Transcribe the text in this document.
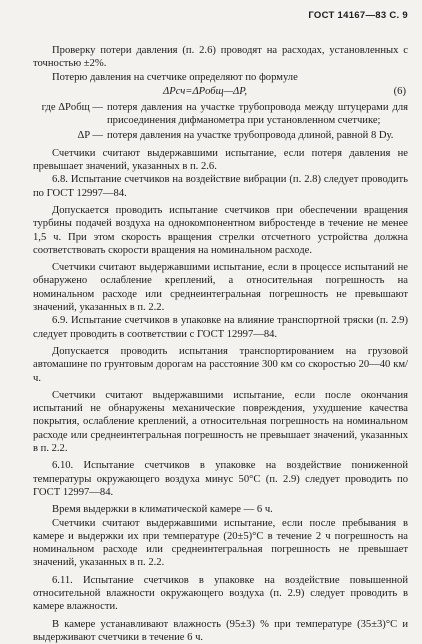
ГОСТ 14167—83 С. 9

Проверку потери давления (п. 2.6) проводят на расходах, установленных с точностью ±2%.

Потерю давления на счетчике определяют по формуле

ΔPсч=ΔPобщ—ΔP,	(6)
где ΔPобщ — потеря давления на участке трубопровода между штуцерами для присоединения дифманометра при установленном счетчике;
ΔP — потеря давления на участке трубопровода длиной, равной 8 Dу.

Счетчики считают выдержавшими испытание, если потеря давления не превышает значений, указанных в п. 2.6.

6.8. Испытание счетчиков на воздействие вибрации (п. 2.8) следует проводить по ГОСТ 12997—84.

Допускается проводить испытание счетчиков при обеспечении вращения турбины подачей воздуха на однокомпонентном вибростенде в течение не менее 1,5 ч. При этом скорость вращения стрелки отсчетного устройства должна соответствовать скорости вращения на номинальном расходе.

Счетчики считают выдержавшими испытание, если в процессе испытаний не обнаружено ослабление креплений, а относительная погрешность на номинальном расходе или среднеинтегральная погрешность не превышают значений, указанных в п. 2.2.

6.9. Испытание счетчиков в упаковке на влияние транспортной тряски (п. 2.9) следует проводить в соответствии с ГОСТ 12997—84.

Допускается проводить испытания транспортированием на грузовой автомашине по грунтовым дорогам на расстояние 300 км со скоростью 20—40 км/ч.

Счетчики считают выдержавшими испытание, если после окончания испытаний не обнаружены механические повреждения, ухудшение качества покрытия, ослабление креплений, а относительная погрешность на номинальном расходе или среднеинтегральная погрешность не превышает значений, указанных в п. 2.2.

6.10. Испытание счетчиков в упаковке на воздействие пониженной температуры окружающего воздуха минус 50°С (п. 2.9) следует проводить по ГОСТ 12997—84.

Время выдержки в климатической камере — 6 ч.

Счетчики считают выдержавшими испытание, если после пребывания в камере и выдержки их при температуре (20±5)°С в течение 2 ч погрешность на номинальном расходе или среднеинтегральная погрешность не превышает значений, указанных в п. 2.2.

6.11. Испытание счетчиков в упаковке на воздействие повышенной относительной влажности окружающего воздуха (п. 2.9) следует проводить в камере влажности.

В камере устанавливают влажность (95±3) % при температуре (35±3)°С и выдерживают счетчики в течение 6 ч.
